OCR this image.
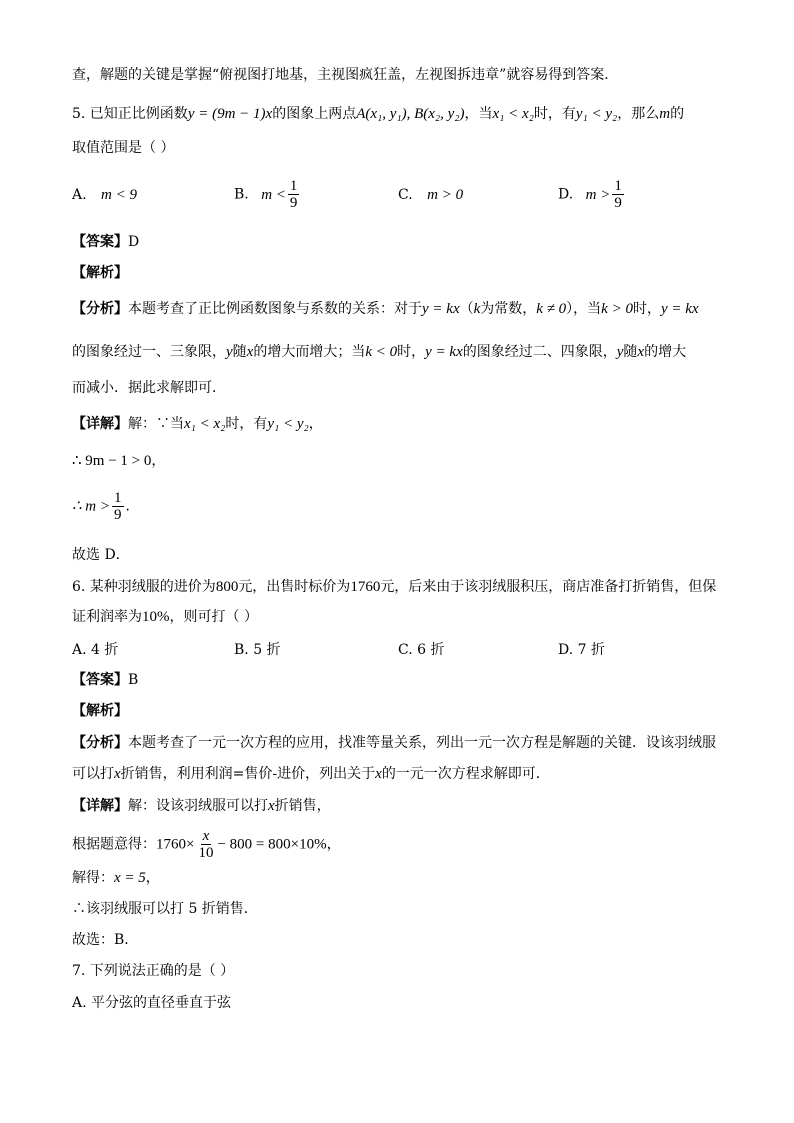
查，解题的关键是掌握“俯视图打地基，主视图疯狂盖，左视图拆违章”就容易得到答案．
5. 已知正比例函数y = (9m − 1)x的图象上两点A(x₁, y₁), B(x₂, y₂)，当x₁ < x₂时，有y₁ < y₂，那么m的
取值范围是（ ）
A. m < 9	B. $m < \frac{1}{9}$	C. m > 0	D. $m > \frac{1}{9}$
【答案】D
【解析】
【分析】本题考查了正比例函数图象与系数的关系：对于y = kx（k为常数，k ≠ 0），当k > 0时，y = kx
的图象经过一、三象限，y随x的增大而增大；当k < 0时，y = kx的图象经过二、四象限，y随x的增大
而减小．据此求解即可．
【详解】解：∵当x₁ < x₂时，有y₁ < y₂，
∴ 9m − 1 > 0，
∴ $m > \frac{1}{9}$ ．
故选 D．
6. 某种羽绒服的进价为800元，出售时标价为1760元，后来由于该羽绒服积压，商店准备打折销售，但保
证利润率为10%，则可打（ ）
A. 4 折	B. 5 折	C. 6 折	D. 7 折
【答案】B
【解析】
【分析】本题考查了一元一次方程的应用，找准等量关系，列出一元一次方程是解题的关键．设该羽绒服
可以打x折销售，利用利润=售价-进价，列出关于x的一元一次方程求解即可．
【详解】解：设该羽绒服可以打x折销售，
根据题意得：$1760\times \frac{x}{10} - 800 = 800\times 10\%$，
解得：x = 5，
∴该羽绒服可以打 5 折销售．
故选：B．
7. 下列说法正确的是（ ）
A. 平分弦的直径垂直于弦
